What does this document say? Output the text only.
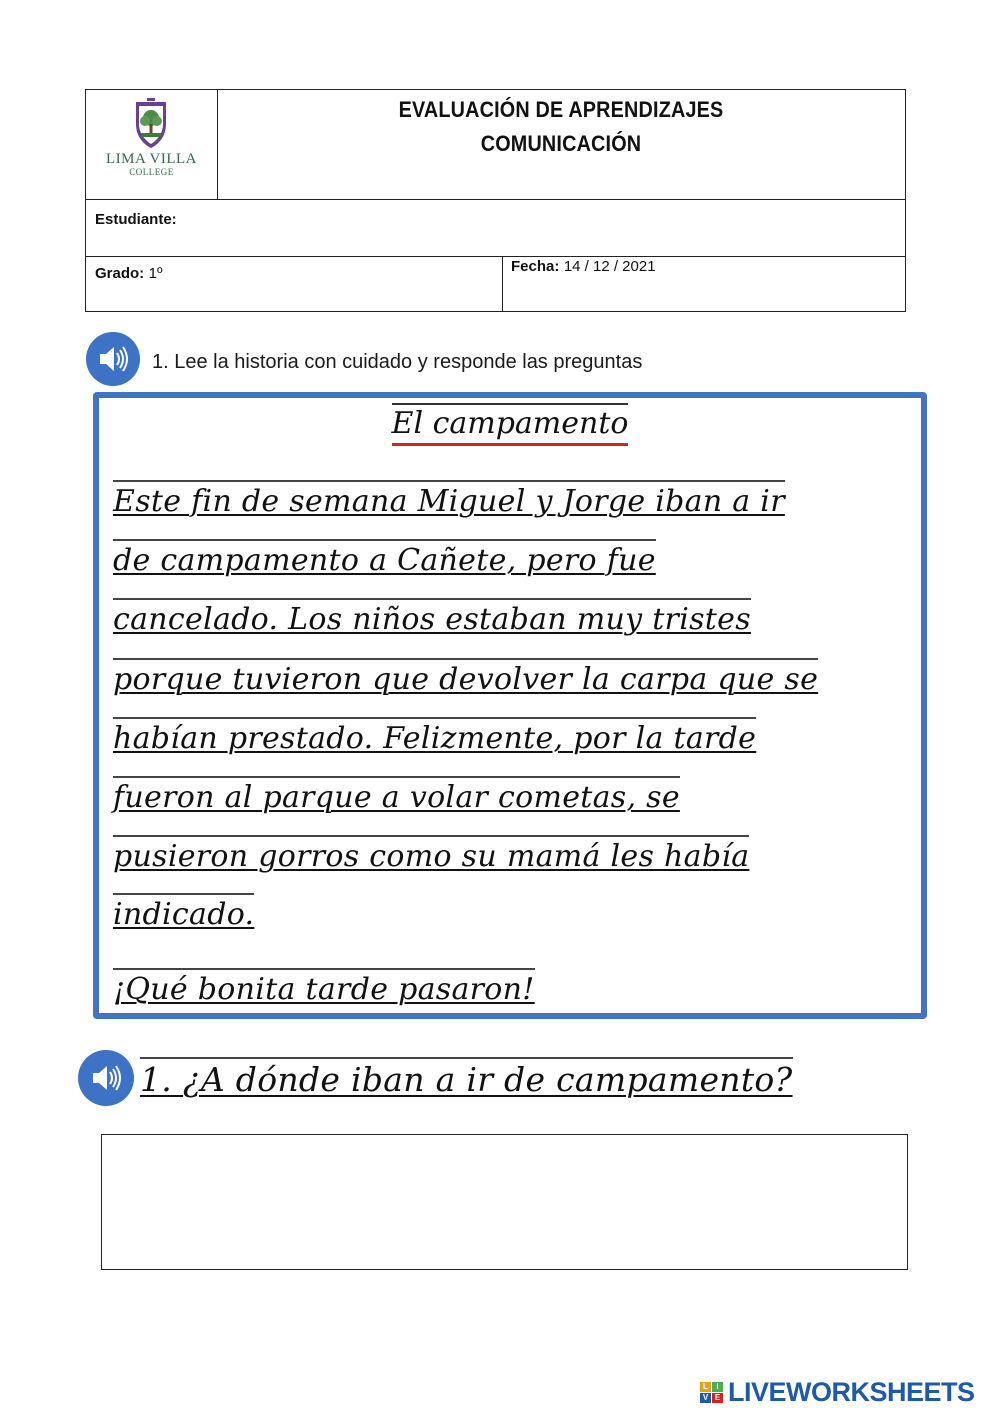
LIMA VILLA
COLLEGE
EVALUACIÓN DE APRENDIZAJES
COMUNICACIÓN
Estudiante:
Grado: 1º	Fecha: 14 / 12 / 2021
1. Lee la historia con cuidado y responde las preguntas
El campamento
Este fin de semana Miguel y Jorge iban a ir
de campamento a Cañete, pero fue
cancelado. Los niños estaban muy tristes
porque tuvieron que devolver la carpa que se
habían prestado. Felizmente, por la tarde
fueron al parque a volar cometas, se
pusieron gorros como su mamá les había
indicado.
¡Qué bonita tarde pasaron!
1. ¿A dónde iban a ir de campamento?
L	I
V E LIVEWORKSHEETS
